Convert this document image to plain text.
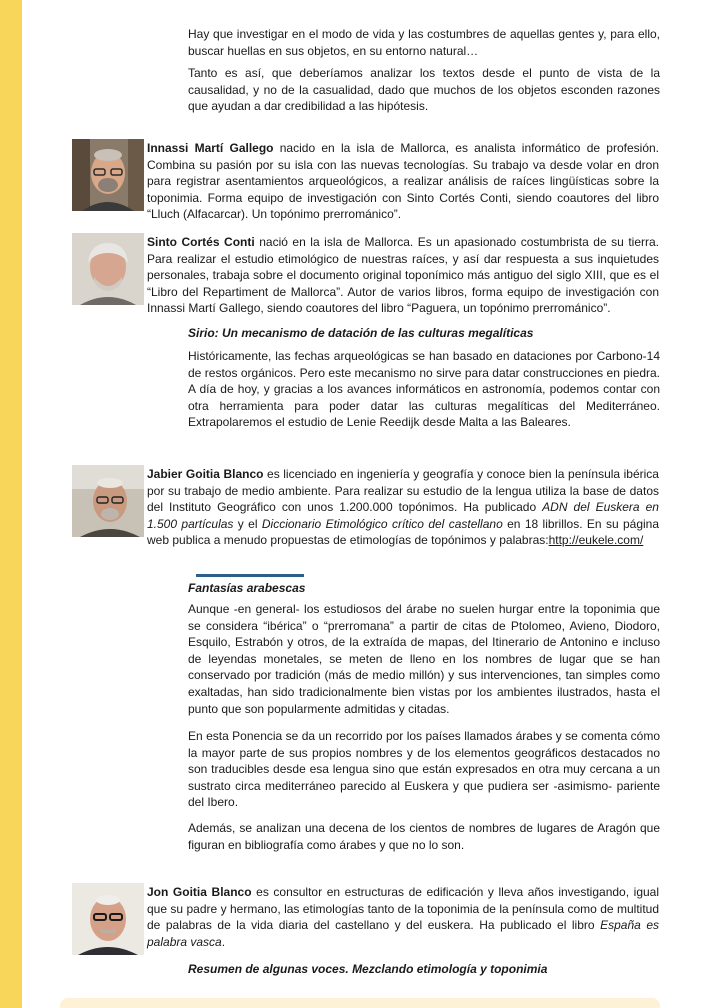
Hay que investigar en el modo de vida y las costumbres de aquellas gentes y, para ello, buscar huellas en sus objetos, en su entorno natural…

Tanto es así, que deberíamos analizar los textos desde el punto de vista de la causalidad, y no de la casualidad, dado que muchos de los objetos esconden razones que ayudan a dar credibilidad a las hipótesis.

Innassi Martí Gallego nacido en la isla de Mallorca, es analista informático de profesión. Combina su pasión por su isla con las nuevas tecnologías. Su trabajo va desde volar en dron para registrar asentamientos arqueológicos, a realizar análisis de raíces lingüísticas sobre la toponimia. Forma equipo de investigación con Sinto Cortés Conti, siendo coautores del libro “Lluch (Alfacarcar). Un topónimo prerrománico”.

Sinto Cortés Conti nació en la isla de Mallorca. Es un apasionado costumbrista de su tierra. Para realizar el estudio etimológico de nuestras raíces, y así dar respuesta a sus inquietudes personales, trabaja sobre el documento original toponímico más antiguo del siglo XIII, que es el “Libro del Repartiment de Mallorca”. Autor de varios libros, forma equipo de investigación con Innassi Martí Gallego, siendo coautores del libro “Paguera, un topónimo prerrománico”.

Sirio: Un mecanismo de datación de las culturas megalíticas

Históricamente, las fechas arqueológicas se han basado en dataciones por Carbono-14 de restos orgánicos. Pero este mecanismo no sirve para datar construcciones en piedra. A día de hoy, y gracias a los avances informáticos en astronomía, podemos contar con otra herramienta para poder datar las culturas megalíticas del Mediterráneo. Extrapolaremos el estudio de Lenie Reedijk desde Malta a las Baleares.

Jabier Goitia Blanco es licenciado en ingeniería y geografía y conoce bien la península ibérica por su trabajo de medio ambiente. Para realizar su estudio de la lengua utiliza la base de datos del Instituto Geográfico con unos 1.200.000 topónimos. Ha publicado ADN del Euskera en 1.500 partículas y el Diccionario Etimológico crítico del castellano en 18 librillos. En su página web publica a menudo propuestas de etimologías de topónimos y palabras:http://eukele.com/

Fantasías arabescas

Aunque -en general- los estudiosos del árabe no suelen hurgar entre la toponimia que se considera “ibérica” o “prerromana” a partir de citas de Ptolomeo, Avieno, Diodoro, Esquilo, Estrabón y otros, de la extraída de mapas, del Itinerario de Antonino e incluso de leyendas monetales, se meten de lleno en los nombres de lugar que se han conservado por tradición (más de medio millón) y sus intervenciones, tan simples como exaltadas, han sido tradicionalmente bien vistas por los ambientes ilustrados, hasta el punto que son popularmente admitidas y citadas.

En esta Ponencia se da un recorrido por los países llamados árabes y se comenta cómo la mayor parte de sus propios nombres y de los elementos geográficos destacados no son traducibles desde esa lengua sino que están expresados en otra muy cercana a un sustrato circa mediterráneo parecido al Euskera y que pudiera ser -asimismo- pariente del Ibero.

Además, se analizan una decena de los cientos de nombres de lugares de Aragón que figuran en bibliografía como árabes y que no lo son.

Jon Goitia Blanco es consultor en estructuras de edificación y lleva años investigando, igual que su padre y hermano, las etimologías tanto de la toponimia de la península como de multitud de palabras de la vida diaria del castellano y del euskera. Ha publicado el libro España es palabra vasca.

Resumen de algunas voces. Mezclando etimología y toponimia
